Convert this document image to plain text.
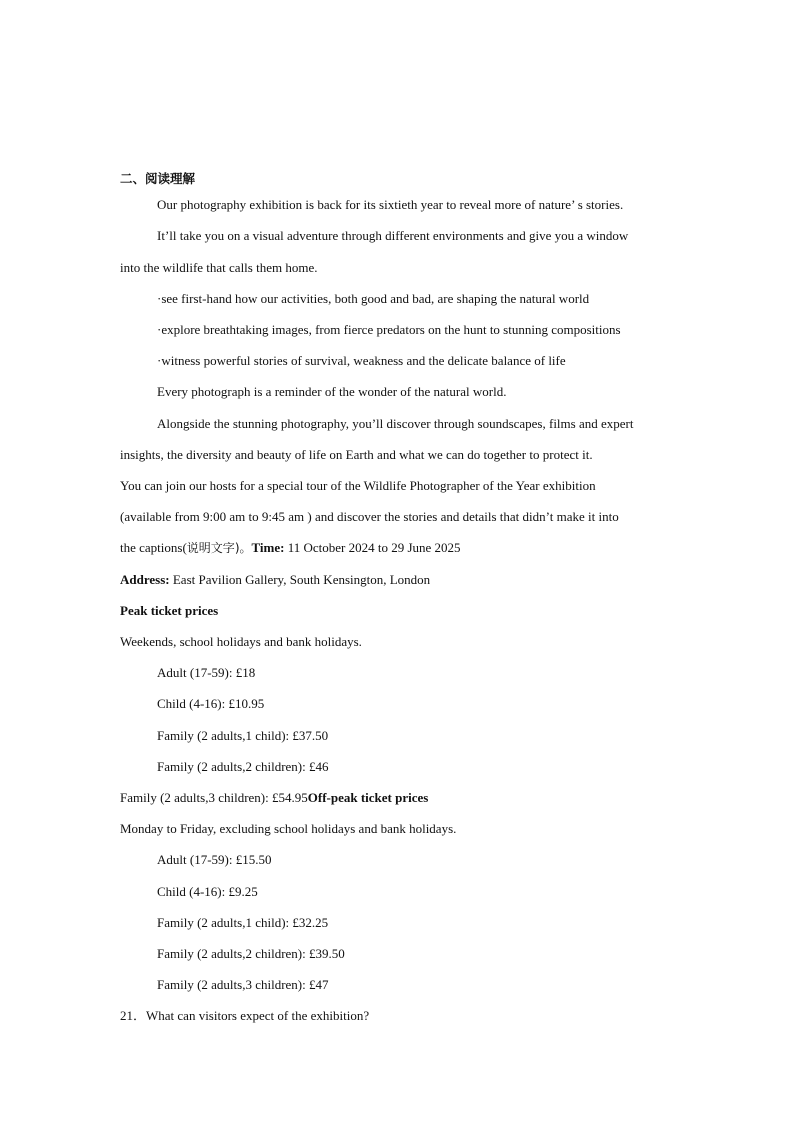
二、阅读理解
Our photography exhibition is back for its sixtieth year to reveal more of nature’ s stories.
It’ll take you on a visual adventure through different environments and give you a window
into the wildlife that calls them home.
·see first-hand how our activities, both good and bad, are shaping the natural world
·explore breathtaking images, from fierce predators on the hunt to stunning compositions
·witness powerful stories of survival, weakness and the delicate balance of life
Every photograph is a reminder of the wonder of the natural world.
Alongside the stunning photography, you’ll discover through soundscapes, films and expert
insights, the diversity and beauty of life on Earth and what we can do together to protect it.
You can join our hosts for a special tour of the Wildlife Photographer of the Year exhibition
(available from 9:00 am to 9:45 am ) and discover the stories and details that didn’t make it into
the captions(说明文字)。Time: 11 October 2024 to 29 June 2025
Address: East Pavilion Gallery, South Kensington, London
Peak ticket prices
Weekends, school holidays and bank holidays.
Adult (17-59): £18
Child (4-16): £10.95
Family (2 adults,1 child): £37.50
Family (2 adults,2 children): £46
Family (2 adults,3 children): £54.95Off-peak ticket prices
Monday to Friday, excluding school holidays and bank holidays.
Adult (17-59): £15.50
Child (4-16): £9.25
Family (2 adults,1 child): £32.25
Family (2 adults,2 children): £39.50
Family (2 adults,3 children): £47
21．What can visitors expect of the exhibition?
